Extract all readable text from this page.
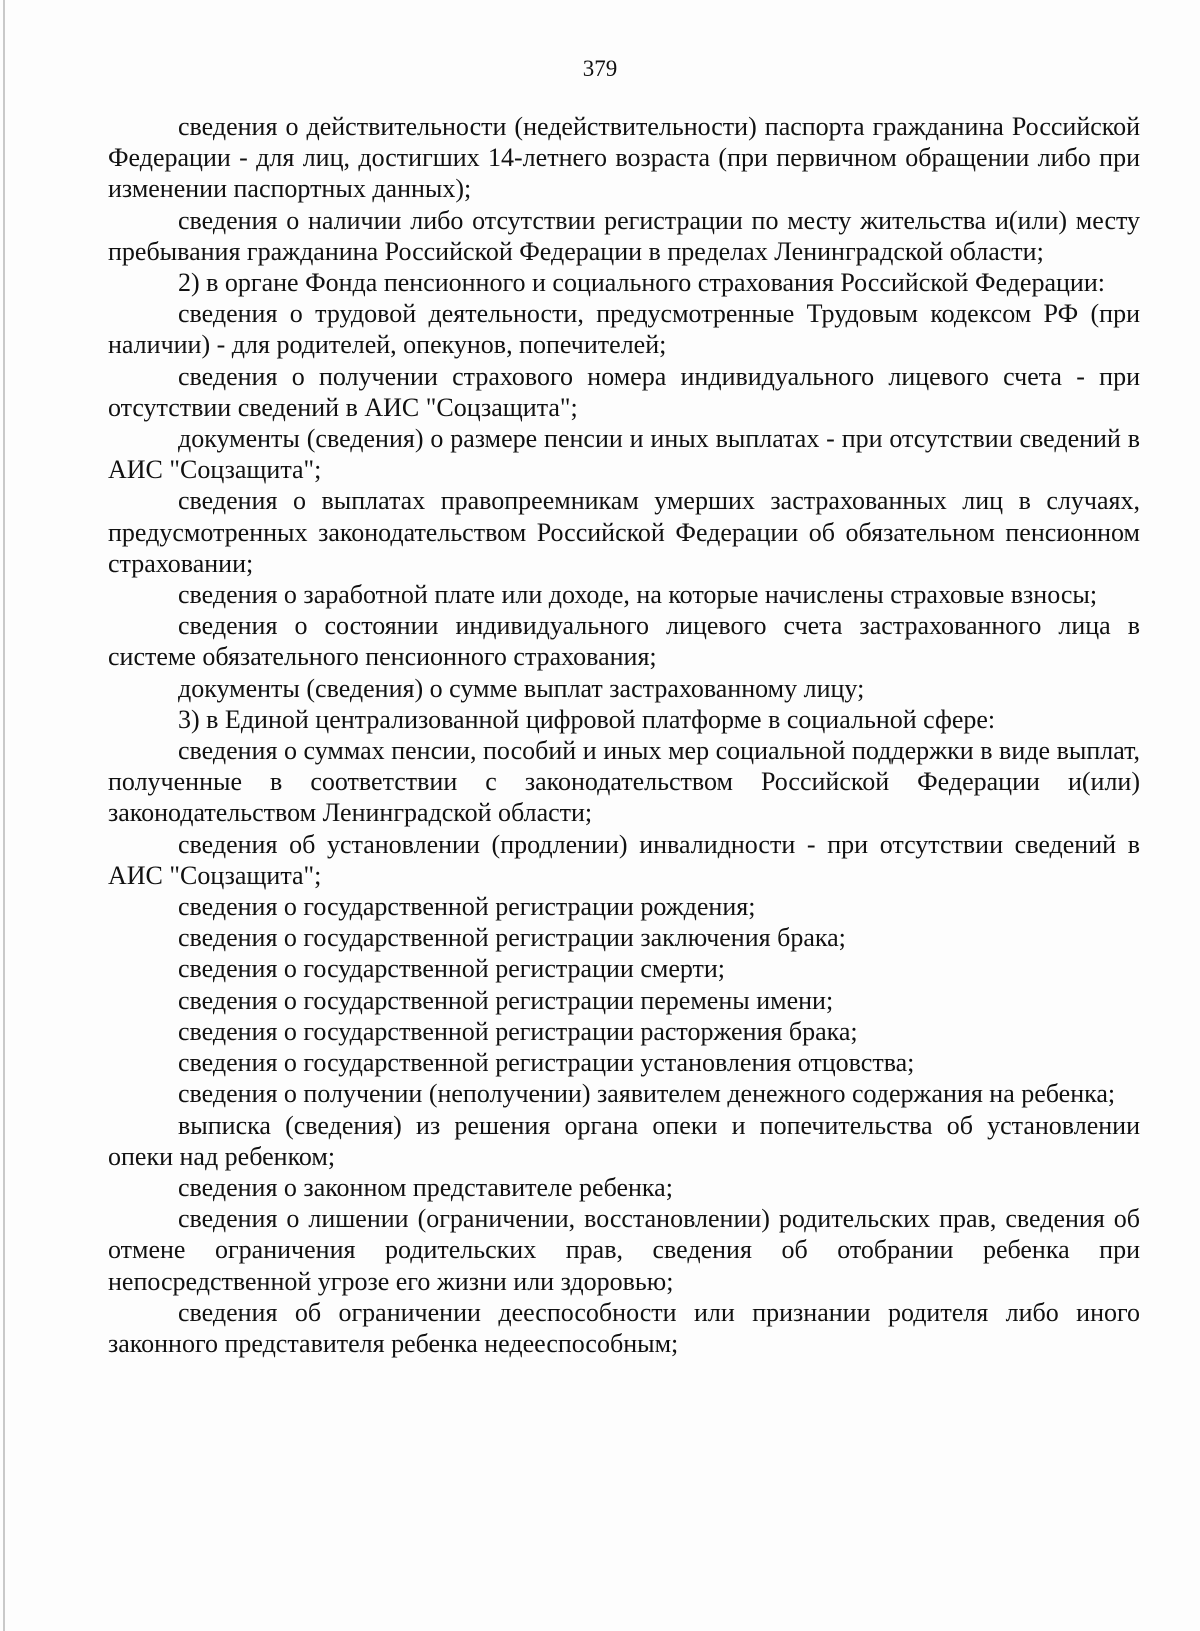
379

сведения о действительности (недействительности) паспорта гражданина Российской Федерации - для лиц, достигших 14-летнего возраста (при первичном обращении либо при изменении паспортных данных);

сведения о наличии либо отсутствии регистрации по месту жительства и(или) месту пребывания гражданина Российской Федерации в пределах Ленинградской области;

2) в органе Фонда пенсионного и социального страхования Российской Федерации:

сведения о трудовой деятельности, предусмотренные Трудовым кодексом РФ (при наличии) - для родителей, опекунов, попечителей;

сведения о получении страхового номера индивидуального лицевого счета - при отсутствии сведений в АИС "Соцзащита";

документы (сведения) о размере пенсии и иных выплатах - при отсутствии сведений в АИС "Соцзащита";

сведения о выплатах правопреемникам умерших застрахованных лиц в случаях, предусмотренных законодательством Российской Федерации об обязательном пенсионном страховании;

сведения о заработной плате или доходе, на которые начислены страховые взносы;

сведения о состоянии индивидуального лицевого счета застрахованного лица в системе обязательного пенсионного страхования;

документы (сведения) о сумме выплат застрахованному лицу;

3) в Единой централизованной цифровой платформе в социальной сфере:

сведения о суммах пенсии, пособий и иных мер социальной поддержки в виде выплат, полученные в соответствии с законодательством Российской Федерации и(или) законодательством Ленинградской области;

сведения об установлении (продлении) инвалидности - при отсутствии сведений в АИС "Соцзащита";

сведения о государственной регистрации рождения;

сведения о государственной регистрации заключения брака;

сведения о государственной регистрации смерти;

сведения о государственной регистрации перемены имени;

сведения о государственной регистрации расторжения брака;

сведения о государственной регистрации установления отцовства;

сведения о получении (неполучении) заявителем денежного содержания на ребенка;

выписка (сведения) из решения органа опеки и попечительства об установлении опеки над ребенком;

сведения о законном представителе ребенка;

сведения о лишении (ограничении, восстановлении) родительских прав, сведения об отмене ограничения родительских прав, сведения об отобрании ребенка при непосредственной угрозе его жизни или здоровью;

сведения об ограничении дееспособности или признании родителя либо иного законного представителя ребенка недееспособным;
